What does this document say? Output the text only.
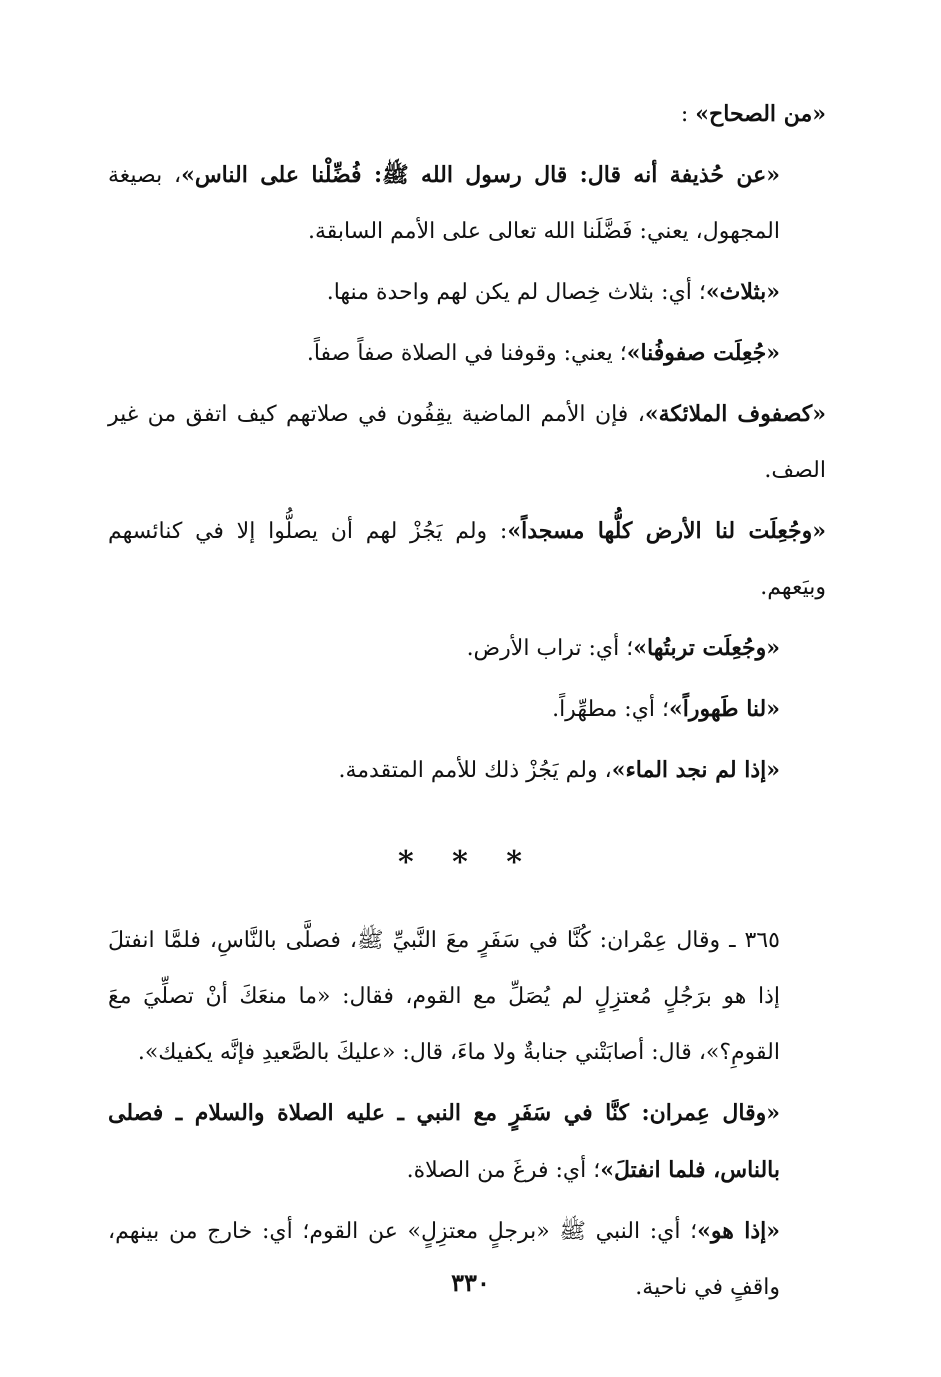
«من الصحاح» :

«عن حُذيفة أنه قال: قال رسول الله ﷺ: فُضِّلْنا على الناس»، بصيغة المجهول، يعني: فَضَّلَنا الله تعالى على الأمم السابقة.

«بثلاث»؛ أي: بثلاث خِصال لم يكن لهم واحدة منها.

«جُعِلَت صفوفُنا»؛ يعني: وقوفنا في الصلاة صفاً صفاً.

«كصفوف الملائكة»، فإن الأمم الماضية يقِفُون في صلاتهم كيف اتفق من غير الصف.

«وجُعِلَت لنا الأرض كلُّها مسجداً»: ولم يَجُزْ لهم أن يصلُّوا إلا في كنائسهم وبيَعهم.

«وجُعِلَت تربتُها»؛ أي: تراب الأرض.

«لنا طَهوراً»؛ أي: مطهِّراً.

«إذا لم نجد الماء»، ولم يَجُزْ ذلك للأمم المتقدمة.

* * *

٣٦٥ ـ وقال عِمْران: كُنَّا في سَفَرٍ معَ النَّبيِّ ﷺ، فصلَّى بالنَّاسِ، فلمَّا انفتلَ إذا هو برَجُلٍ مُعتزِلٍ لم يُصَلِّ مع القوم، فقال: «ما منعَكَ أنْ تصلِّيَ معَ القومِ؟»، قال: أصابَتْني جنابةٌ ولا ماءَ، قال: «عليكَ بالصَّعيدِ فإنَّه يكفيك».

«وقال عِمران: كنَّا في سَفَرٍ مع النبي ـ عليه الصلاة والسلام ـ فصلى بالناس، فلما انفتلَ»؛ أي: فرغَ من الصلاة.

«إذا هو»؛ أي: النبي ﷺ «برجلٍ معتزِلٍ» عن القوم؛ أي: خارج من بينهم، واقفٍ في ناحية.

٣٣٠
